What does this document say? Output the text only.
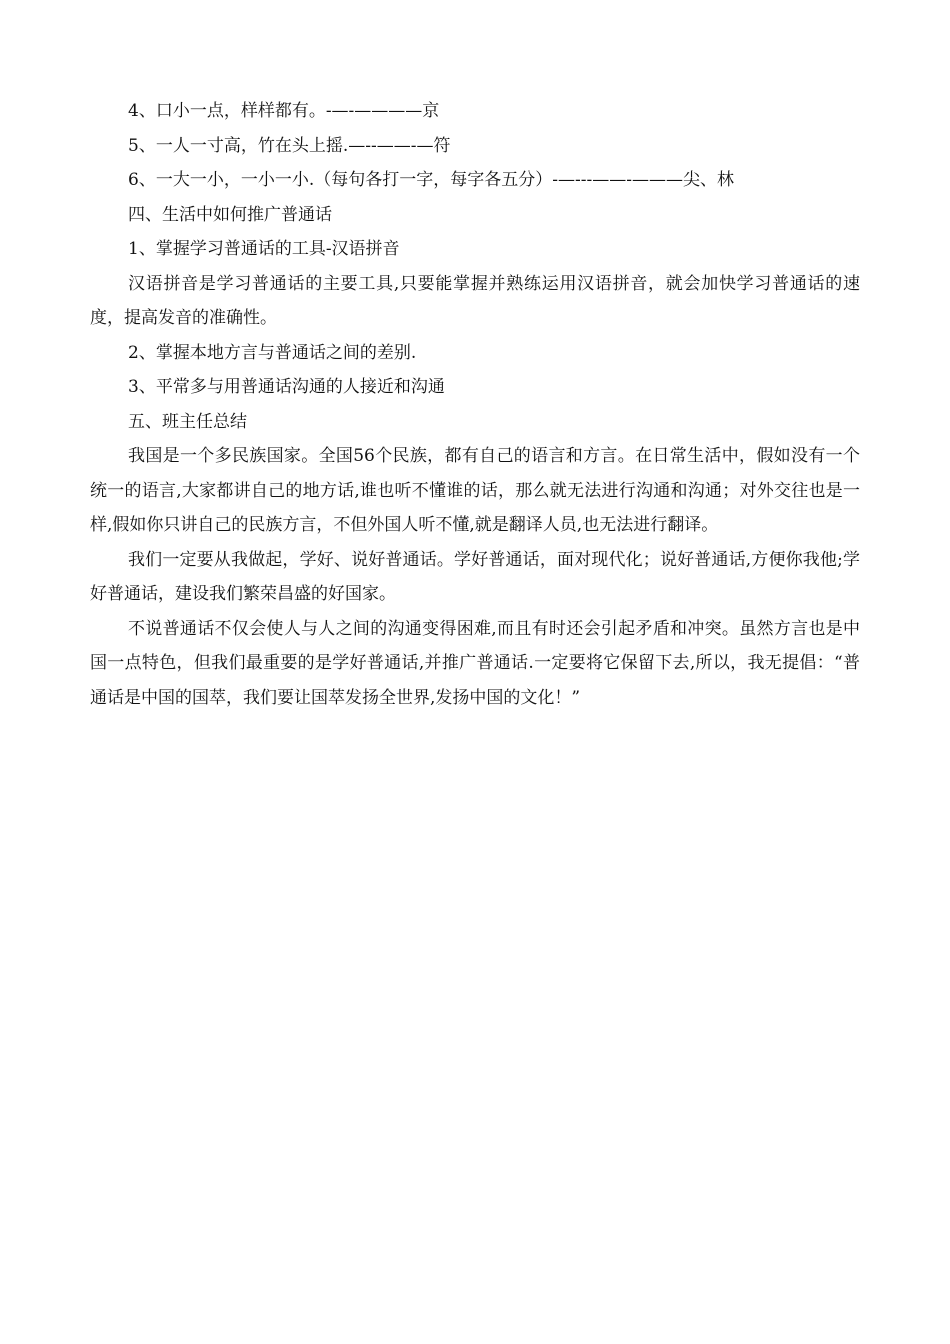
4、口小一点，样样都有。-—-————京

5、一人一寸高，竹在头上摇.—--——-—符

6、一大一小，一小一小.（每句各打一字，每字各五分）-—---——-———尖、林

四、生活中如何推广普通话

1、掌握学习普通话的工具-汉语拼音

汉语拼音是学习普通话的主要工具,只要能掌握并熟练运用汉语拼音，就会加快学习普通话的速度，提高发音的准确性。

2、掌握本地方言与普通话之间的差别.

3、平常多与用普通话沟通的人接近和沟通

五、班主任总结

我国是一个多民族国家。全国56个民族，都有自己的语言和方言。在日常生活中，假如没有一个统一的语言,大家都讲自己的地方话,谁也听不懂谁的话，那么就无法进行沟通和沟通；对外交往也是一样,假如你只讲自己的民族方言，不但外国人听不懂,就是翻译人员,也无法进行翻译。

我们一定要从我做起，学好、说好普通话。学好普通话，面对现代化；说好普通话,方便你我他;学好普通话，建设我们繁荣昌盛的好国家。

不说普通话不仅会使人与人之间的沟通变得困难,而且有时还会引起矛盾和冲突。虽然方言也是中国一点特色，但我们最重要的是学好普通话,并推广普通话.一定要将它保留下去,所以，我无提倡：“普通话是中国的国萃，我们要让国萃发扬全世界,发扬中国的文化！”
